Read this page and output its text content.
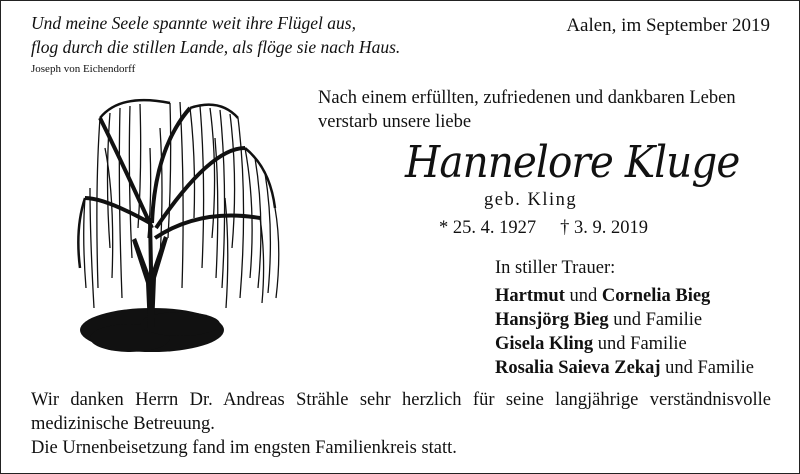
Und meine Seele spannte weit ihre Flügel aus,
flog durch die stillen Lande, als flöge sie nach Haus.
Joseph von Eichendorff
Aalen, im September 2019
Nach einem erfüllten, zufriedenen und dankbaren Leben
verstarb unsere liebe
Hannelore Kluge
geb. Kling
* 25. 4. 1927 † 3. 9. 2019
In stiller Trauer:
Hartmut und Cornelia Bieg
Hansjörg Bieg und Familie
Gisela Kling und Familie
Rosalia Saieva Zekaj und Familie
Wir danken Herrn Dr. Andreas Strähle sehr herzlich für seine langjährige verständnisvolle
medizinische Betreuung.
Die Urnenbeisetzung fand im engsten Familienkreis statt.
